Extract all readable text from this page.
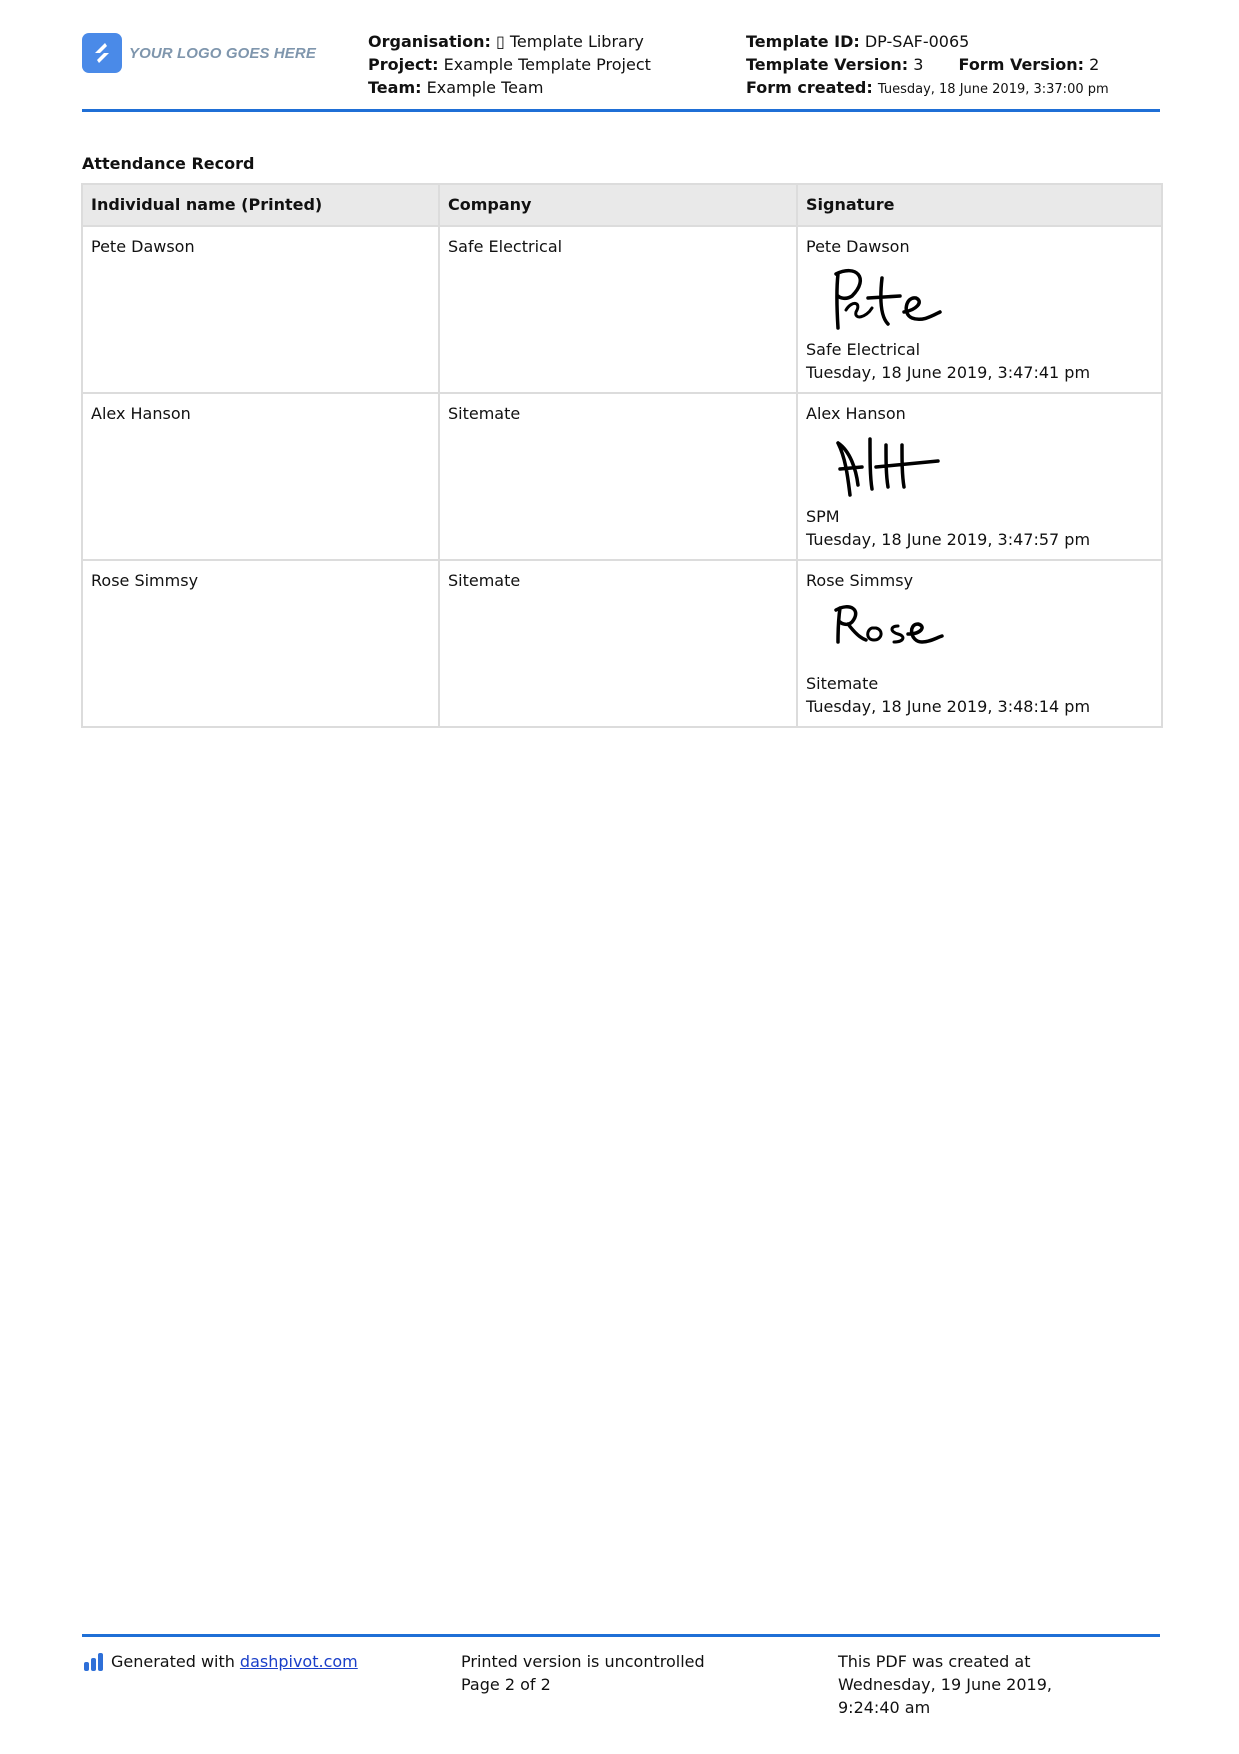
YOUR LOGO GOES HERE
Organisation: ▯ Template Library
Project: Example Template Project
Team: Example Team
Template ID: DP-SAF-0065
Template Version: 3 Form Version: 2
Form created: Tuesday, 18 June 2019, 3:37:00 pm
Attendance Record
Individual name (Printed)	Company	Signature
Pete Dawson	Safe Electrical	Pete Dawson
Safe Electrical
Tuesday, 18 June 2019, 3:47:41 pm

Alex Hanson	Sitemate	Alex Hanson
SPM
Tuesday, 18 June 2019, 3:47:57 pm

Rose Simmsy	Sitemate	Rose Simmsy
Sitemate
Tuesday, 18 June 2019, 3:48:14 pm
Generated with dashpivot.com	Printed version is uncontrolled
Page 2 of 2
This PDF was created at Wednesday, 19 June 2019, 9:24:40 am
